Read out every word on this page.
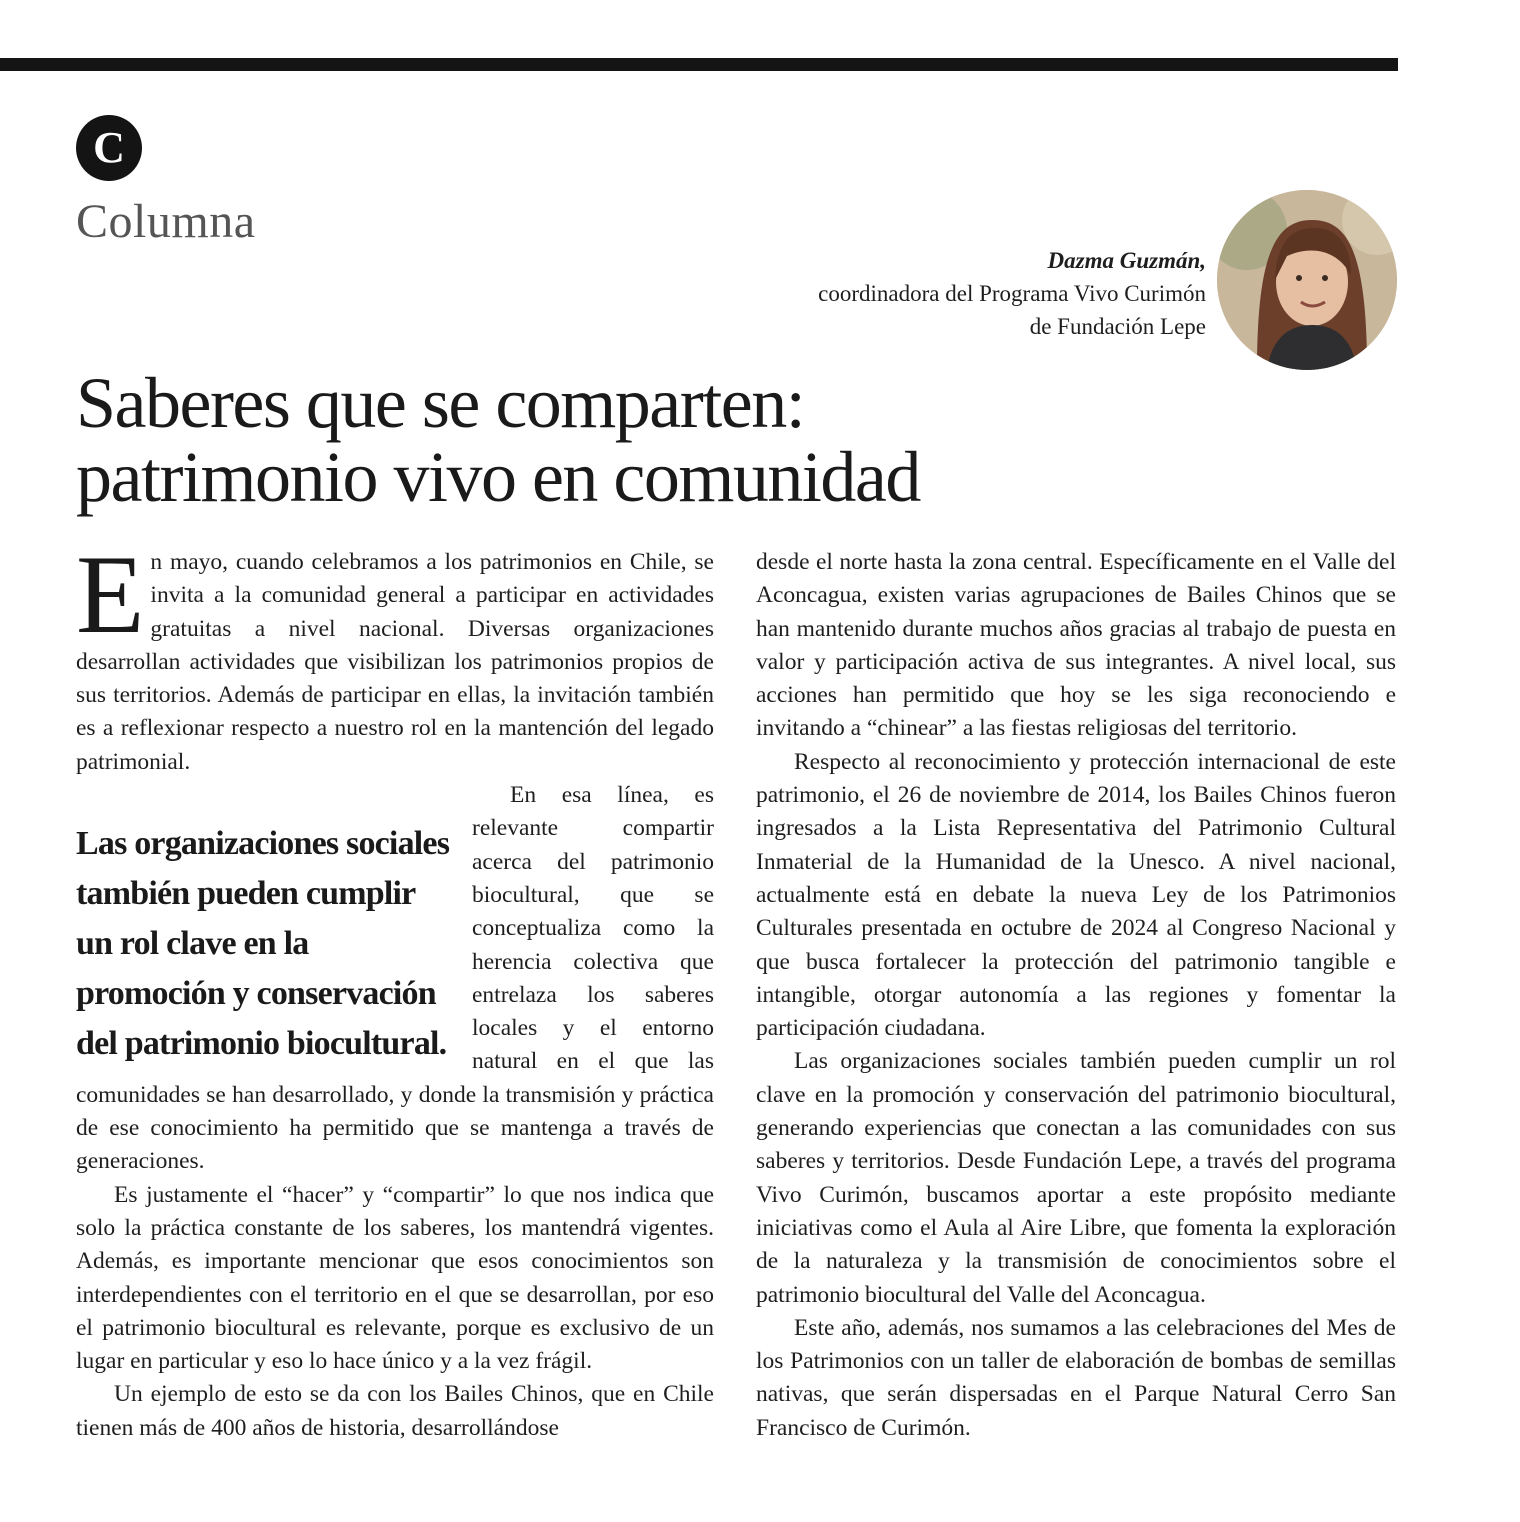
C
Columna
Dazma Guzmán,
coordinadora del Programa Vivo Curimón
de Fundación Lepe
Saberes que se comparten:
patrimonio vivo en comunidad

En mayo, cuando celebramos a los patrimonios en Chile, se invita a la comunidad general a participar en actividades gratuitas a nivel nacional. Diversas organizaciones desarrollan actividades que visibilizan los patrimonios propios de sus territorios. Además de participar en ellas, la invitación también es a reflexionar respecto a nuestro rol en la mantención del legado patrimonial.

Las organizaciones sociales también pueden cumplir un rol clave en la promoción y conservación del patrimonio biocultural.
En esa línea, es relevante compartir acerca del patrimonio biocultural, que se conceptualiza como la herencia colectiva que entrelaza los saberes locales y el entorno natural en el que las comunidades se han desarrollado, y donde la transmisión y práctica de ese conocimiento ha permitido que se mantenga a través de generaciones.

Es justamente el “hacer” y “compartir” lo que nos indica que solo la práctica constante de los saberes, los mantendrá vigentes. Además, es importante mencionar que esos conocimientos son interdependientes con el territorio en el que se desarrollan, por eso el patrimonio biocultural es relevante, porque es exclusivo de un lugar en particular y eso lo hace único y a la vez frágil.

Un ejemplo de esto se da con los Bailes Chinos, que en Chile tienen más de 400 años de historia, desarrollándose

desde el norte hasta la zona central. Específicamente en el Valle del Aconcagua, existen varias agrupaciones de Bailes Chinos que se han mantenido durante muchos años gracias al trabajo de puesta en valor y participación activa de sus integrantes. A nivel local, sus acciones han permitido que hoy se les siga reconociendo e invitando a “chinear” a las fiestas religiosas del territorio.

Respecto al reconocimiento y protección internacional de este patrimonio, el 26 de noviembre de 2014, los Bailes Chinos fueron ingresados a la Lista Representativa del Patrimonio Cultural Inmaterial de la Humanidad de la Unesco. A nivel nacional, actualmente está en debate la nueva Ley de los Patrimonios Culturales presentada en octubre de 2024 al Congreso Nacional y que busca fortalecer la protección del patrimonio tangible e intangible, otorgar autonomía a las regiones y fomentar la participación ciudadana.

Las organizaciones sociales también pueden cumplir un rol clave en la promoción y conservación del patrimonio biocultural, generando experiencias que conectan a las comunidades con sus saberes y territorios. Desde Fundación Lepe, a través del programa Vivo Curimón, buscamos aportar a este propósito mediante iniciativas como el Aula al Aire Libre, que fomenta la exploración de la naturaleza y la transmisión de conocimientos sobre el patrimonio biocultural del Valle del Aconcagua.

Este año, además, nos sumamos a las celebraciones del Mes de los Patrimonios con un taller de elaboración de bombas de semillas nativas, que serán dispersadas en el Parque Natural Cerro San Francisco de Curimón.
